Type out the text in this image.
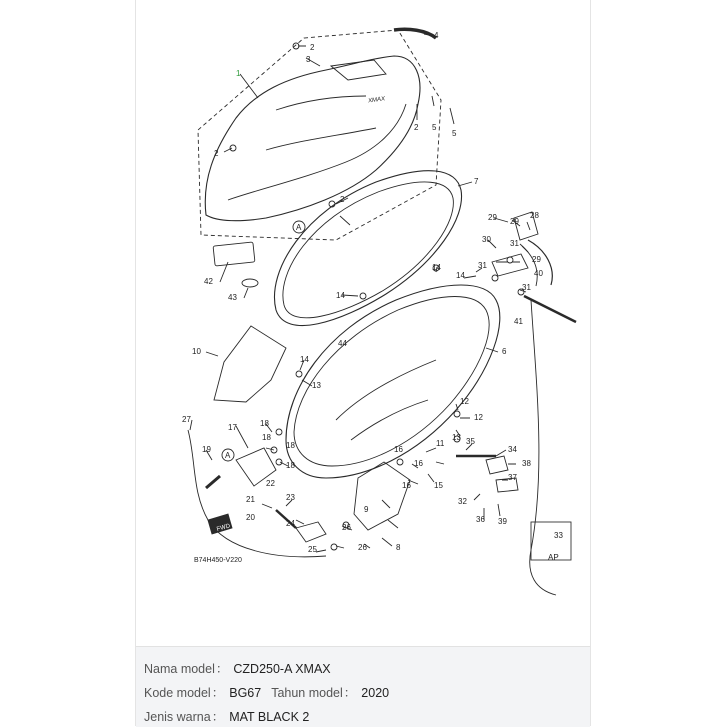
1
2
3
4
2 5
5
2
2
7
42
43	14
14
14
6
10
14
13
44
12
12
13 35
34
11
16
16
16	15
9
8
29 29
28
30 31
29
31
40
31
41
27
19
17	18
18
18
18
22
23
24
20
21
25
26
26
38
37
32
36 39
33
AP
B74H450-V220
FWD
XMAX
A
A
Nama model： CZD250-A XMAX
Kode model： BG67 Tahun model： 2020
Jenis warna： MAT BLACK 2
